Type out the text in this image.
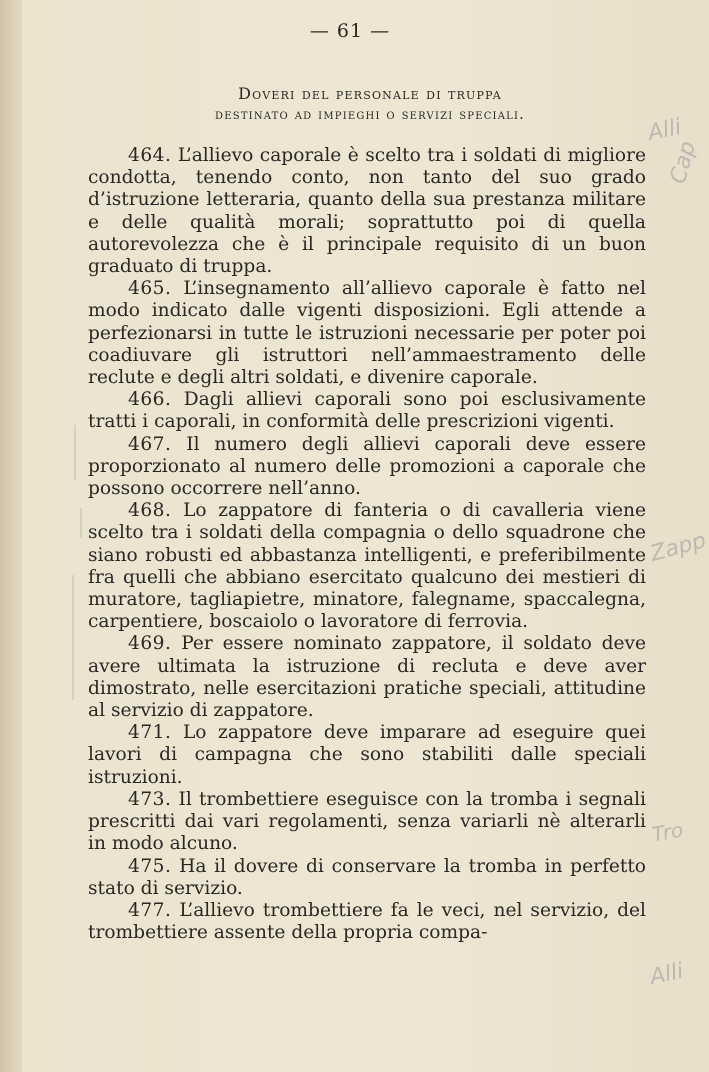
— 61 —
Doveri del personale di truppa
destinato ad impieghi o servizi speciali.

464. L’allievo caporale è scelto tra i soldati di migliore condotta, tenendo conto, non tanto del suo grado d’istruzione letteraria, quanto della sua prestanza militare e delle qualità morali; soprattutto poi di quella autorevolezza che è il principale requisito di un buon graduato di truppa.

465. L’insegnamento all’allievo caporale è fatto nel modo indicato dalle vigenti disposizioni. Egli attende a perfezionarsi in tutte le istruzioni necessarie per poter poi coadiuvare gli istruttori nell’ammaestramento delle reclute e degli altri soldati, e divenire caporale.

466. Dagli allievi caporali sono poi esclusivamente tratti i caporali, in conformità delle prescrizioni vigenti.

467. Il numero degli allievi caporali deve essere proporzionato al numero delle promozioni a caporale che possono occorrere nell’anno.

468. Lo zappatore di fanteria o di cavalleria viene scelto tra i soldati della compagnia o dello squadrone che siano robusti ed abbastanza intelligenti, e preferibilmente fra quelli che abbiano esercitato qualcuno dei mestieri di muratore, tagliapietre, minatore, falegname, spaccalegna, carpentiere, boscaiolo o lavoratore di ferrovia.

469. Per essere nominato zappatore, il soldato deve avere ultimata la istruzione di recluta e deve aver dimostrato, nelle esercitazioni pratiche speciali, attitudine al servizio di zappatore.

471. Lo zappatore deve imparare ad eseguire quei lavori di campagna che sono stabiliti dalle speciali istruzioni.

473. Il trombettiere eseguisce con la tromba i segnali prescritti dai vari regolamenti, senza variarli nè alterarli in modo alcuno.

475. Ha il dovere di conservare la tromba in perfetto stato di servizio.

477. L’allievo trombettiere fa le veci, nel servizio, del trombettiere assente della propria compa-

Alli
Cap
Zapp
Tro
Alli
